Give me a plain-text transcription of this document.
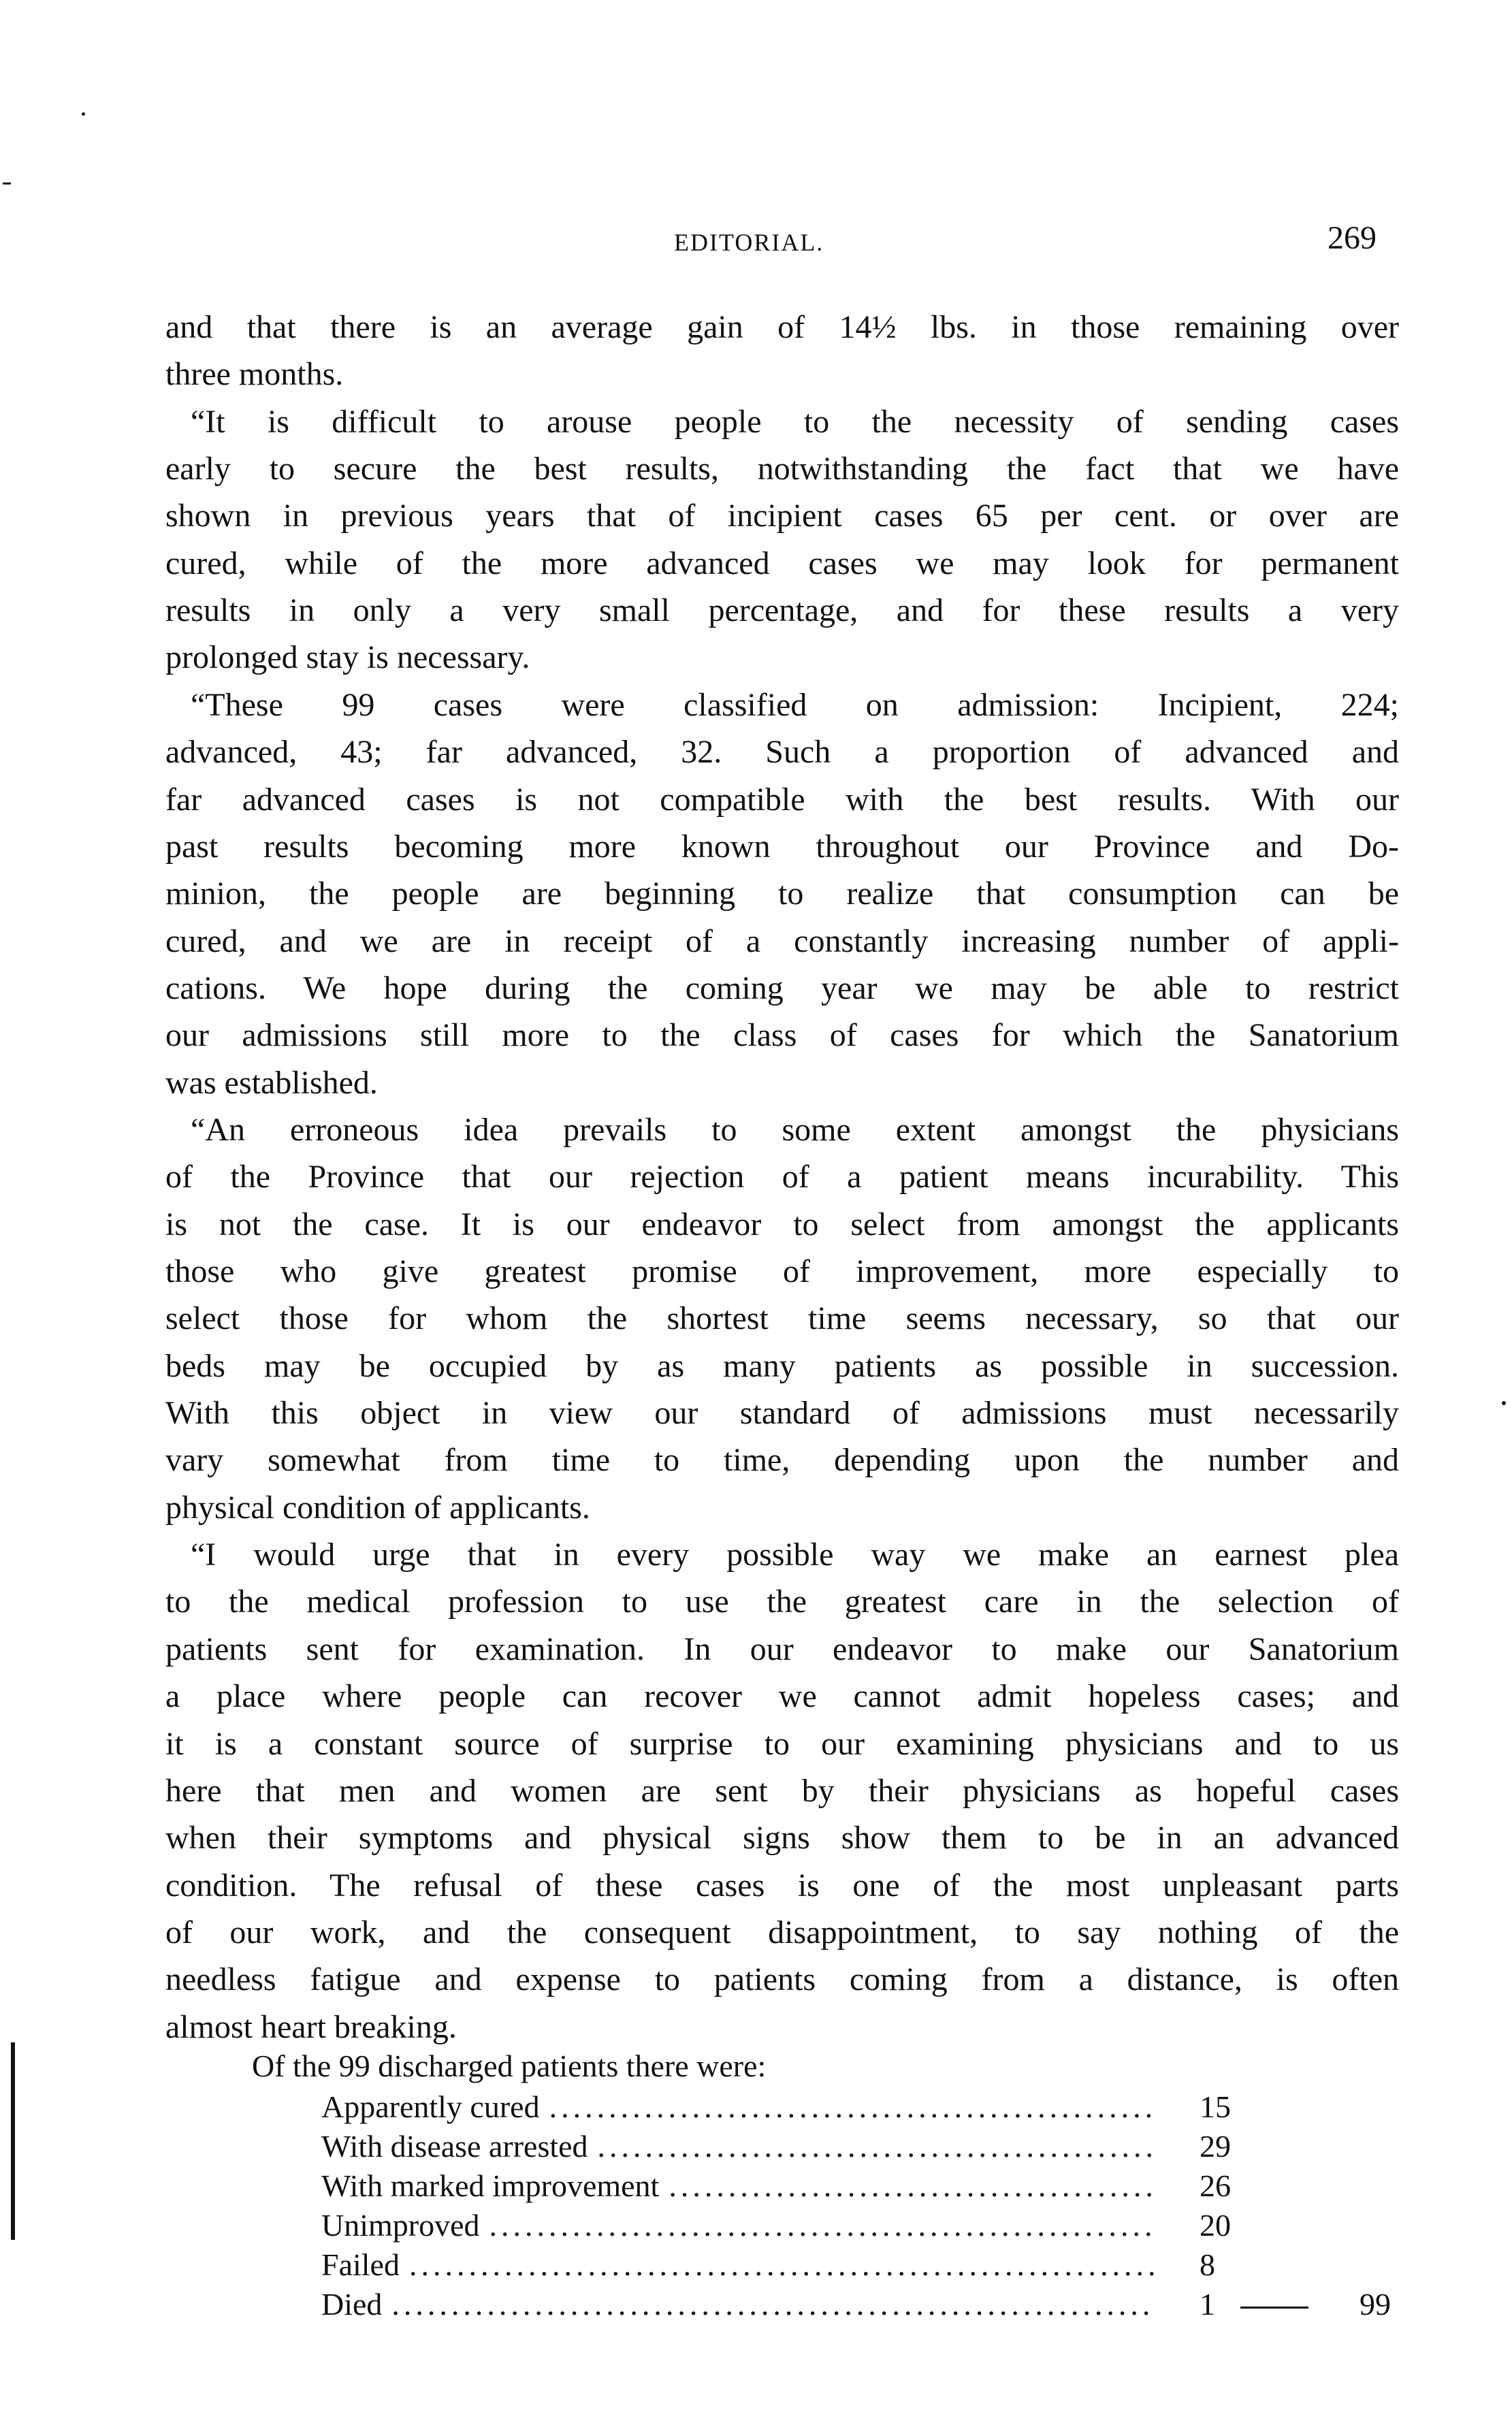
EDITORIAL.	269
and that there is an average gain of 14½ lbs. in those remaining over
three months.
“It is difficult to arouse people to the necessity of sending cases
early to secure the best results, notwithstanding the fact that we have
shown in previous years that of incipient cases 65 per cent. or over are
cured, while of the more advanced cases we may look for permanent
results in only a very small percentage, and for these results a very
prolonged stay is necessary.
“These 99 cases were classified on admission: Incipient, 224;
advanced, 43; far advanced, 32. Such a proportion of advanced and
far advanced cases is not compatible with the best results. With our
past results becoming more known throughout our Province and Do-
minion, the people are beginning to realize that consumption can be
cured, and we are in receipt of a constantly increasing number of appli-
cations. We hope during the coming year we may be able to restrict
our admissions still more to the class of cases for which the Sanatorium
was established.
“An erroneous idea prevails to some extent amongst the physicians
of the Province that our rejection of a patient means incurability. This
is not the case. It is our endeavor to select from amongst the applicants
those who give greatest promise of improvement, more especially to
select those for whom the shortest time seems necessary, so that our
beds may be occupied by as many patients as possible in succession.
With this object in view our standard of admissions must necessarily
vary somewhat from time to time, depending upon the number and
physical condition of applicants.
“I would urge that in every possible way we make an earnest plea
to the medical profession to use the greatest care in the selection of
patients sent for examination. In our endeavor to make our Sanatorium
a place where people can recover we cannot admit hopeless cases; and
it is a constant source of surprise to our examining physicians and to us
here that men and women are sent by their physicians as hopeful cases
when their symptoms and physical signs show them to be in an advanced
condition. The refusal of these cases is one of the most unpleasant parts
of our work, and the consequent disappointment, to say nothing of the
needless fatigue and expense to patients coming from a distance, is often
almost heart breaking.
Of the 99 discharged patients there were:
Apparently cured ................................................... 15
With disease arrested ............................................... 29
With marked improvement ......................................... 26
Unimproved ........................................................ 20
Failed ............................................................... 8
Died ................................................................ 1	99
